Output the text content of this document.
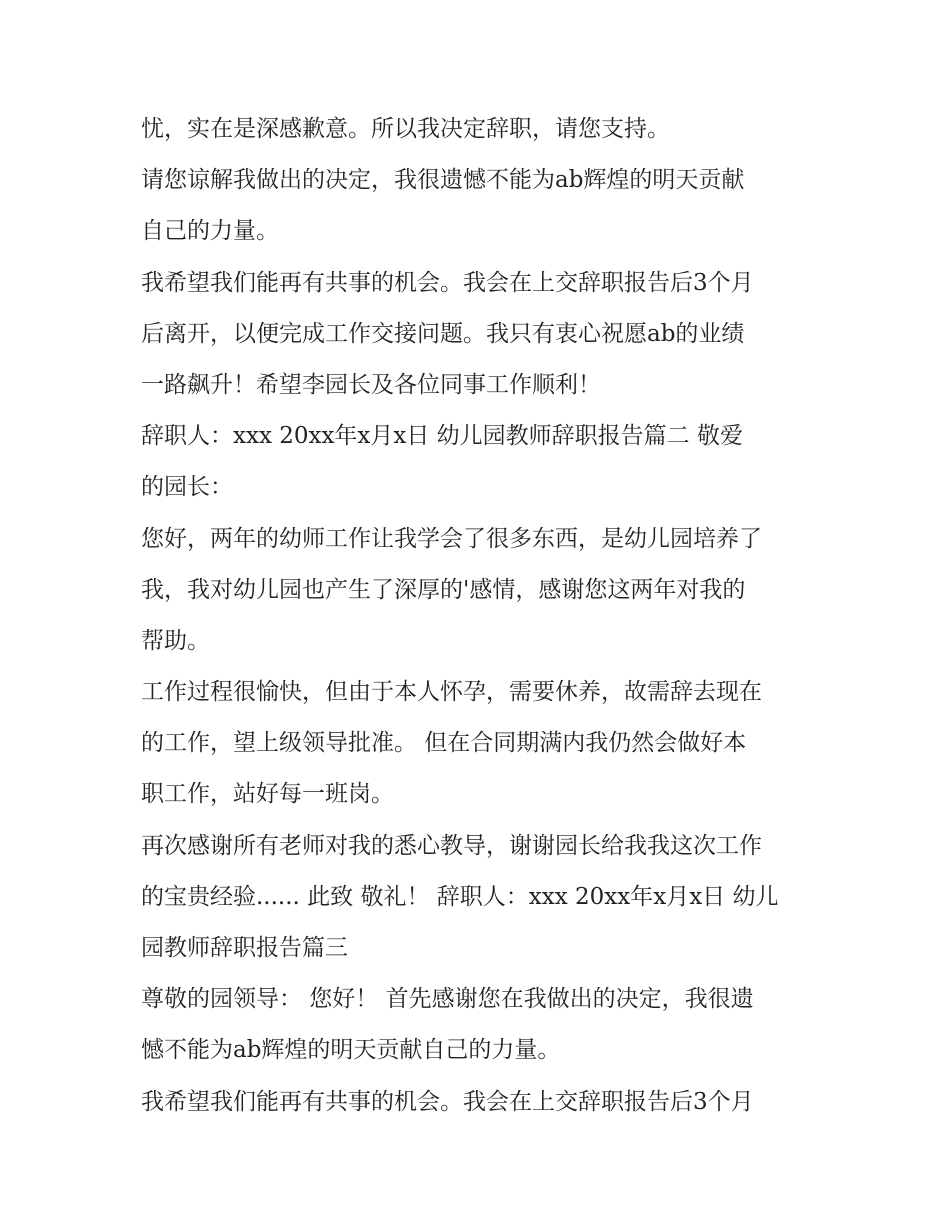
忧，实在是深感歉意。所以我决定辞职，请您支持。
请您谅解我做出的决定，我很遗憾不能为ab辉煌的明天贡献
自己的力量。
我希望我们能再有共事的机会。我会在上交辞职报告后3个月
后离开，以便完成工作交接问题。我只有衷心祝愿ab的业绩
一路飙升！希望李园长及各位同事工作顺利！
辞职人：xxx 20xx年x月x日 幼儿园教师辞职报告篇二 敬爱
的园长：
您好，两年的幼师工作让我学会了很多东西，是幼儿园培养了
我，我对幼儿园也产生了深厚的'感情，感谢您这两年对我的
帮助。
工作过程很愉快，但由于本人怀孕，需要休养，故需辞去现在
的工作，望上级领导批准。 但在合同期满内我仍然会做好本
职工作，站好每一班岗。
再次感谢所有老师对我的悉心教导，谢谢园长给我我这次工作
的宝贵经验...... 此致 敬礼！ 辞职人：xxx 20xx年x月x日 幼儿
园教师辞职报告篇三
尊敬的园领导： 您好！ 首先感谢您在我做出的决定，我很遗
憾不能为ab辉煌的明天贡献自己的力量。
我希望我们能再有共事的机会。我会在上交辞职报告后3个月
